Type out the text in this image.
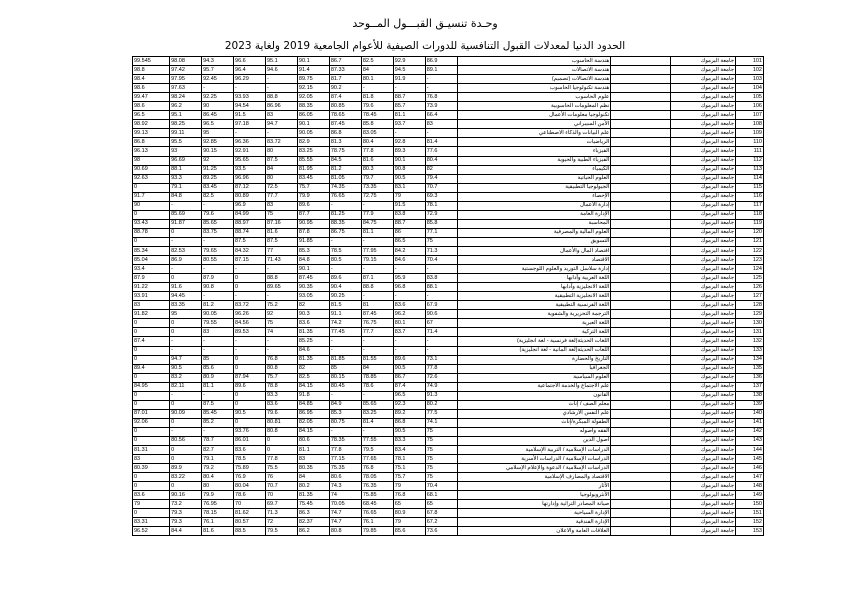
وحـدة تنسيـق القبـــول المــوحد
الحدود الدنيا لمعدلات القبول التنافسية للدورات الصيفية للأعوام الجامعية 2019 ولغاية 2023
99.545	98.08	94.3	96.6	95.1	90.1	86.7	82.5	92.9	86.9	هندسة الحاسوب		جامعة اليرموك	101
98.8	97.42	95.7	96.4	94.6	91.4	87.33	84	94.5	89.1	هندسة الاتصالات		جامعة اليرموك	102
98.4	97.95	92.45	96.29	-	89.75	81.7	80.1	91.9	-	هندسة الاتصالات (تصميم)		جامعة اليرموك	103
98.6	97.63	-	-	-	92.15	90.2	-	-	-	هندسة تكنولوجيا الحاسوب		جامعة اليرموك	104
99.47	98.24	92.25	93.93	88.8	92.05	87.4	81.8	88.7	76.8	علوم الحاسوب		جامعة اليرموك	105
98.6	96.2	90	94.54	86.96	88.35	80.85	79.6	85.7	73.9	نظم المعلومات الحاسوبية		جامعة اليرموك	106
96.5	95.1	86.45	91.5	83	86.05	78.65	78.45	81.1	66.4	تكنولوجيا معلومات الأعمال		جامعة اليرموك	107
98.92	98.25	96.5	97.18	94.7	90.1	87.45	85.8	93.7	83	الأمن السيبراني		جامعة اليرموك	108
99.13	99.11	95	-	-	90.05	86.8	83.05	-	-	علم البيانات والذكاء الاصطناعي		جامعة اليرموك	109
86.8	95.5	92.85	96.36	83.72	82.9	81.3	80.4	92.8	81.4	الرياضيات		جامعة اليرموك	110
96.13	93	90.15	92.91	80	83.25	78.75	77.8	89.3	77.6	الفيزياء		جامعة اليرموك	111
98	96.69	92	95.65	87.5	85.55	84.5	81.6	90.1	80.4	الفيزياء الطبية والحيوية		جامعة اليرموك	112
90.69	88.1	91.25	93.5	84	81.95	81.2	80.3	90.8	82	الكيمياء		جامعة اليرموك	113
92.63	93.3	89.25	96.96	80	83.45	81.05	79.7	90.5	79.4	العلوم الحياتية		جامعة اليرموك	114
0	79.1	83.45	87.12	72.5	75.7	74.35	73.35	83.1	70.7	الجيولوجيا التطبيقية		جامعة اليرموك	115
91.7	84.8	82.5	80.89	77.7	79.9	76.65	72.75	79	69.3	الإحصاء		جامعة اليرموك	116
90	-	-	96.9	83	89.6	-	-	91.5	78.1	إدارة الأعمال		جامعة اليرموك	117
0	85.69	79.6	84.99	75	87.7	81.25	77.9	83.8	72.9	الإدارة العامة		جامعة اليرموك	118
93.43	91.87	85.65	88.97	87.16	90.95	88.35	84.75	88.7	85.8	المحاسبة		جامعة اليرموك	119
88.78	0	83.75	88.74	81.6	87.8	86.75	81.1	86	77.1	العلوم المالية والمصرفية		جامعة اليرموك	120
0	-	-	87.5	87.5	91.85	-	-	86.5	75	التسويق		جامعة اليرموك	121
85.34	82.53	79.65	84.32	77	85.3	78.5	77.95	84.2	71.3	اقتصاد المال والأعمال		جامعة اليرموك	122
85.04	86.9	80.55	87.15	71.43	84.8	80.5	79.15	84.6	70.4	الاقتصاد		جامعة اليرموك	123
93.4	-	-	-	-	90.1	-	-	-	-	إدارة سلاسل التوريد والعلوم اللوجستية		جامعة اليرموك	124
87.9	0	87.9	0	88.8	87.45	89.6	87.1	95.9	83.8	اللغة العربية وآدابها		جامعة اليرموك	125
91.22	91.6	90.8	0	89.65	90.35	90.4	88.8	96.8	88.1	اللغة الانجليزية وآدابها		جامعة اليرموك	126
93.91	94.45	-	-	-	93.05	90.25	-	-	-	اللغة الانجليزية التطبيقية		جامعة اليرموك	127
83	83.35	81.2	83.72	75.2	82	81.5	81	83.6	67.9	اللغة الفرنسية التطبيقية		جامعة اليرموك	128
91.82	95	90.05	96.26	92	90.3	91.1	87.45	96.2	90.6	الترجمة التحريرية والشفوية		جامعة اليرموك	129
0	0	79.55	84.56	75	83.6	74.2	76.75	80.1	67	اللغة العبرية		جامعة اليرموك	130
0	0	83	89.53	74	81.35	77.45	77.7	83.7	71.4	اللغة التركية		جامعة اليرموك	131
87.4	-	-	-	-	85.25	-	-	-	-	اللغات الحديثة(لغة فرنسية - لغة انجليزية)		جامعة اليرموك	132
0	-	-	-	-	84.6	-	-	-	-	اللغات الحديثة(لغة ألمانية - لغة انجليزية)		جامعة اليرموك	133
0	94.7	85	0	76.8	81.35	81.85	81.55	89.6	73.1	التاريخ والحضارة		جامعة اليرموك	134
89.4	90.5	85.6	0	80.8	82	85	84	90.5	77.8	الجغرافيا		جامعة اليرموك	135
0	83.2	80.9	87.94	75.7	82.5	80.15	78.85	86.7	72.6	العلوم السياسية		جامعة اليرموك	136
84.95	82.11	81.1	89.6	78.8	84.15	80.45	78.6	87.4	74.9	علم الاجتماع والخدمة الاجتماعية		جامعة اليرموك	137
0	-	-	0	93.3	91.8	-	-	96.5	91.3	القانون		جامعة اليرموك	138
0	0	87.5	0	83.6	84.85	84.9	85.65	92.3	80.2	معلم الصف / إناث		جامعة اليرموك	139
87.01	90.09	85.45	90.5	79.6	86.95	85.3	83.25	89.2	77.5	علم النفس الارشادي		جامعة اليرموك	140
92.06	0	85.2	0	80.81	82.05	80.75	81.4	86.8	74.1	الطفولة المبكرة/إناث		جامعة اليرموك	141
0	-	-	93.76	80.8	84.15	-	-	90.5	75	الفقه وأصوله		جامعة اليرموك	142
0	80.56	78.7	86.01	0	80.6	78.35	77.55	83.3	75	أصول الدين		جامعة اليرموك	143
81.31	0	82.7	83.6	0	81.1	77.8	79.5	83.4	75	الدراسات الإسلامية / التربية الإسلامية		جامعة اليرموك	144
83	0	79.1	78.5	77.8	83	77.15	77.65	78.1	75	الدراسات الإسلامية / الدراسات الأسرية		جامعة اليرموك	145
80.39	89.9	79.2	75.89	75.5	80.35	75.35	76.8	75.1	75	الدراسات الإسلامية / الدعوة والإعلام الإسلامي		جامعة اليرموك	146
0	83.22	80.4	76.9	76	84	80.6	78.05	75.7	75	الاقتصاد والمصارف الإسلامية		جامعة اليرموك	147
0	0	80	80.04	70.7	80.2	74.3	76.35	79	70.4	الآثار		جامعة اليرموك	148
83.6	90.16	79.9	78.6	70	81.35	74	75.85	76.8	68.1	الأنثروبولوجيا		جامعة اليرموك	149
79	73.2	76.95	70	69.7	75.45	70.05	68.45	65	65	صيانة المصادر التراثية وإدارتها		جامعة اليرموك	150
0	79.3	78.15	81.62	71.3	86.3	74.7	76.65	80.9	67.8	الإدارة السياحية		جامعة اليرموك	151
83.31	79.3	76.1	80.57	72	82.37	74.7	76.1	79	67.2	الإدارة الفندقية		جامعة اليرموك	152
96.52	84.4	81.6	88.5	79.5	86.2	80.8	79.85	85.6	73.6	العلاقات العامة والاعلان		جامعة اليرموك	153
